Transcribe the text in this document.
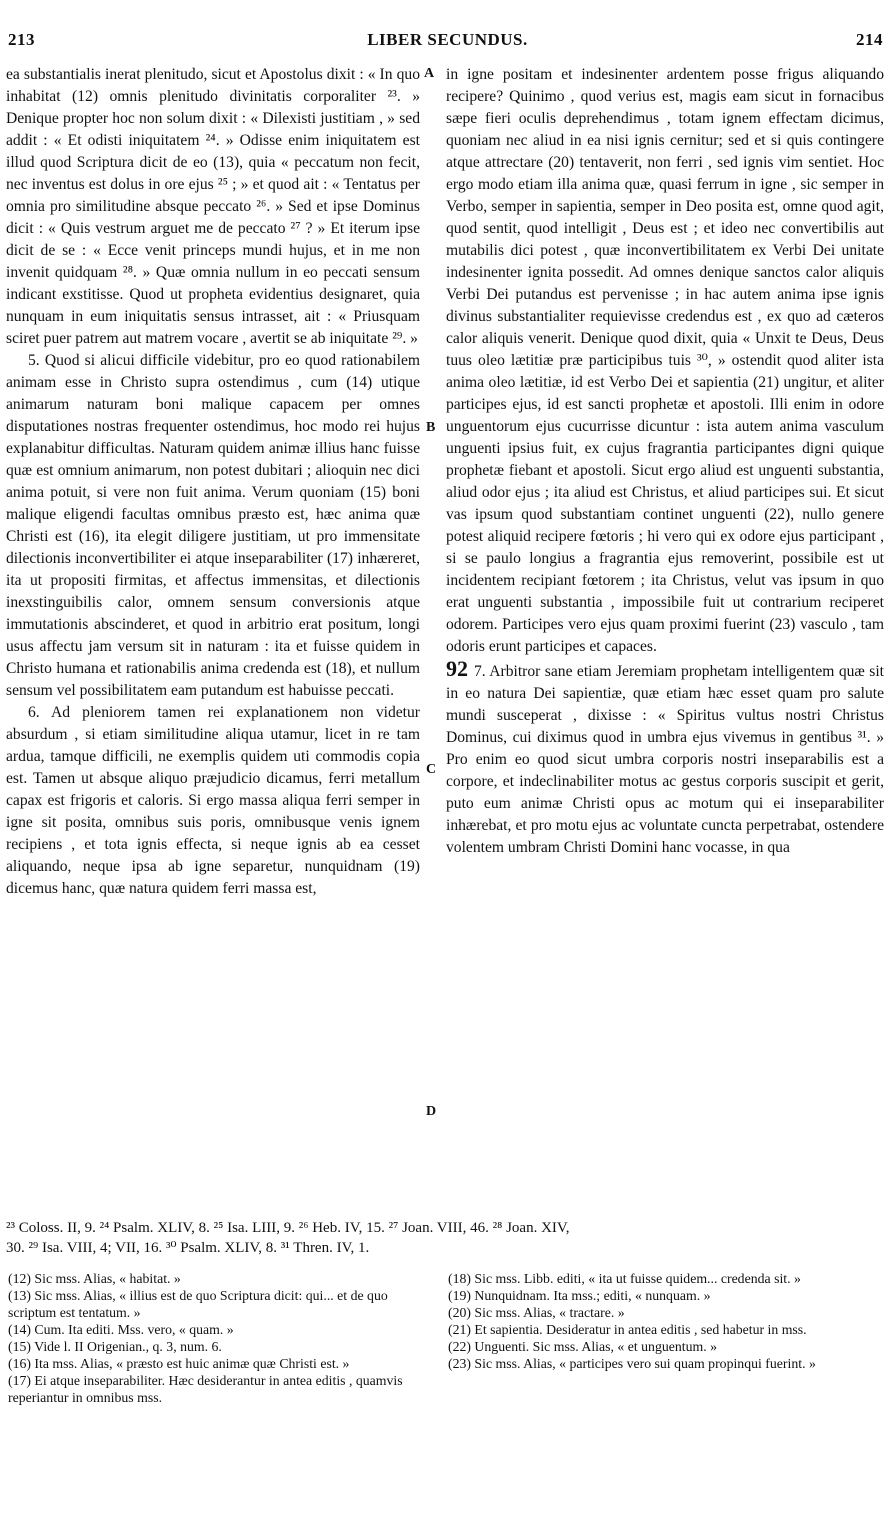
213	LIBER SECUNDUS.	214

ea substantialis inerat plenitudo, sicut et Apostolus dixit : « In quo inhabitat (12) omnis plenitudo divinitatis corporaliter ²³. » Denique propter hoc non solum dixit : « Dilexisti justitiam , » sed addit : « Et odisti iniquitatem ²⁴. » Odisse enim iniquitatem est illud quod Scriptura dicit de eo (13), quia « peccatum non fecit, nec inventus est dolus in ore ejus ²⁵ ; » et quod ait : « Tentatus per omnia pro similitudine absque peccato ²⁶. » Sed et ipse Dominus dicit : « Quis vestrum arguet me de peccato ²⁷ ? » Et iterum ipse dicit de se : « Ecce venit princeps mundi hujus, et in me non invenit quidquam ²⁸. » Quæ omnia nullum in eo peccati sensum indicant exstitisse. Quod ut propheta evidentius designaret, quia nunquam in eum iniquitatis sensus intrasset, ait : « Priusquam sciret puer patrem aut matrem vocare , avertit se ab iniquitate ²⁹. »

5. Quod si alicui difficile videbitur, pro eo quod rationabilem animam esse in Christo supra ostendimus , cum (14) utique animarum naturam boni malique capacem per omnes disputationes nostras frequenter ostendimus, hoc modo rei hujus explanabitur difficultas. Naturam quidem animæ illius hanc fuisse quæ est omnium animarum, non potest dubitari ; alioquin nec dici anima potuit, si vere non fuit anima. Verum quoniam (15) boni malique eligendi facultas omnibus præsto est, hæc anima quæ Christi est (16), ita elegit diligere justitiam, ut pro immensitate dilectionis inconvertibiliter ei atque inseparabiliter (17) inhæreret, ita ut propositi firmitas, et affectus immensitas, et dilectionis inexstinguibilis calor, omnem sensum conversionis atque immutationis abscinderet, et quod in arbitrio erat positum, longi usus affectu jam versum sit in naturam : ita et fuisse quidem in Christo humana et rationabilis anima credenda est (18), et nullum sensum vel possibilitatem eam putandum est habuisse peccati.

6. Ad pleniorem tamen rei explanationem non videtur absurdum , si etiam similitudine aliqua utamur, licet in re tam ardua, tamque difficili, ne exemplis quidem uti commodis copia est. Tamen ut absque aliquo præjudicio dicamus, ferri metallum capax est frigoris et caloris. Si ergo massa aliqua ferri semper in igne sit posita, omnibus suis poris, omnibusque venis ignem recipiens , et tota ignis effecta, si neque ignis ab ea cesset aliquando, neque ipsa ab igne separetur, nunquidnam (19) dicemus hanc, quæ natura quidem ferri massa est,

A
B
C
D

in igne positam et indesinenter ardentem posse frigus aliquando recipere? Quinimo , quod verius est, magis eam sicut in fornacibus sæpe fieri oculis deprehendimus , totam ignem effectam dicimus, quoniam nec aliud in ea nisi ignis cernitur; sed et si quis contingere atque attrectare (20) tentaverit, non ferri , sed ignis vim sentiet. Hoc ergo modo etiam illa anima quæ, quasi ferrum in igne , sic semper in Verbo, semper in sapientia, semper in Deo posita est, omne quod agit, quod sentit, quod intelligit , Deus est ; et ideo nec convertibilis aut mutabilis dici potest , quæ inconvertibilitatem ex Verbi Dei unitate indesinenter ignita possedit. Ad omnes denique sanctos calor aliquis Verbi Dei putandus est pervenisse ; in hac autem anima ipse ignis divinus substantialiter requievisse credendus est , ex quo ad cæteros calor aliquis venerit. Denique quod dixit, quia « Unxit te Deus, Deus tuus oleo lætitiæ præ participibus tuis ³⁰, » ostendit quod aliter ista anima oleo lætitiæ, id est Verbo Dei et sapientia (21) ungitur, et aliter participes ejus, id est sancti prophetæ et apostoli. Illi enim in odore unguentorum ejus cucurrisse dicuntur : ista autem anima vasculum unguenti ipsius fuit, ex cujus fragrantia participantes digni quique prophetæ fiebant et apostoli. Sicut ergo aliud est unguenti substantia, aliud odor ejus ; ita aliud est Christus, et aliud participes sui. Et sicut vas ipsum quod substantiam continet unguenti (22), nullo genere potest aliquid recipere fœtoris ; hi vero qui ex odore ejus participant , si se paulo longius a fragrantia ejus removerint, possibile est ut incidentem recipiant fœtorem ; ita Christus, velut vas ipsum in quo erat unguenti substantia , impossibile fuit ut contrarium reciperet odorem. Participes vero ejus quam proximi fuerint (23) vasculo , tam odoris erunt participes et capaces.

92 7. Arbitror sane etiam Jeremiam prophetam intelligentem quæ sit in eo natura Dei sapientiæ, quæ etiam hæc esset quam pro salute mundi susceperat , dixisse : « Spiritus vultus nostri Christus Dominus, cui diximus quod in umbra ejus vivemus in gentibus ³¹. » Pro enim eo quod sicut umbra corporis nostri inseparabilis est a corpore, et indeclinabiliter motus ac gestus corporis suscipit et gerit, puto eum animæ Christi opus ac motum qui ei inseparabiliter inhærebat, et pro motu ejus ac voluntate cuncta perpetrabat, ostendere volentem umbram Christi Domini hanc vocasse, in qua

²³ Coloss. II, 9. ²⁴ Psalm. XLIV, 8. ²⁵ Isa. LIII, 9. ²⁶ Heb. IV, 15. ²⁷ Joan. VIII, 46. ²⁸ Joan. XIV,
30. ²⁹ Isa. VIII, 4; VII, 16. ³⁰ Psalm. XLIV, 8. ³¹ Thren. IV, 1.

(12) Sic mss. Alias, « habitat. »

(13) Sic mss. Alias, « illius est de quo Scriptura dicit: qui... et de quo scriptum est tentatum. »

(14) Cum. Ita editi. Mss. vero, « quam. »

(15) Vide l. II Origenian., q. 3, num. 6.

(16) Ita mss. Alias, « præsto est huic animæ quæ Christi est. »

(17) Ei atque inseparabiliter. Hæc desiderantur in antea editis , quamvis reperiantur in omnibus mss.

(18) Sic mss. Libb. editi, « ita ut fuisse quidem... credenda sit. »

(19) Nunquidnam. Ita mss.; editi, « nunquam. »

(20) Sic mss. Alias, « tractare. »

(21) Et sapientia. Desideratur in antea editis , sed habetur in mss.

(22) Unguenti. Sic mss. Alias, « et unguentum. »

(23) Sic mss. Alias, « participes vero sui quam propinqui fuerint. »
